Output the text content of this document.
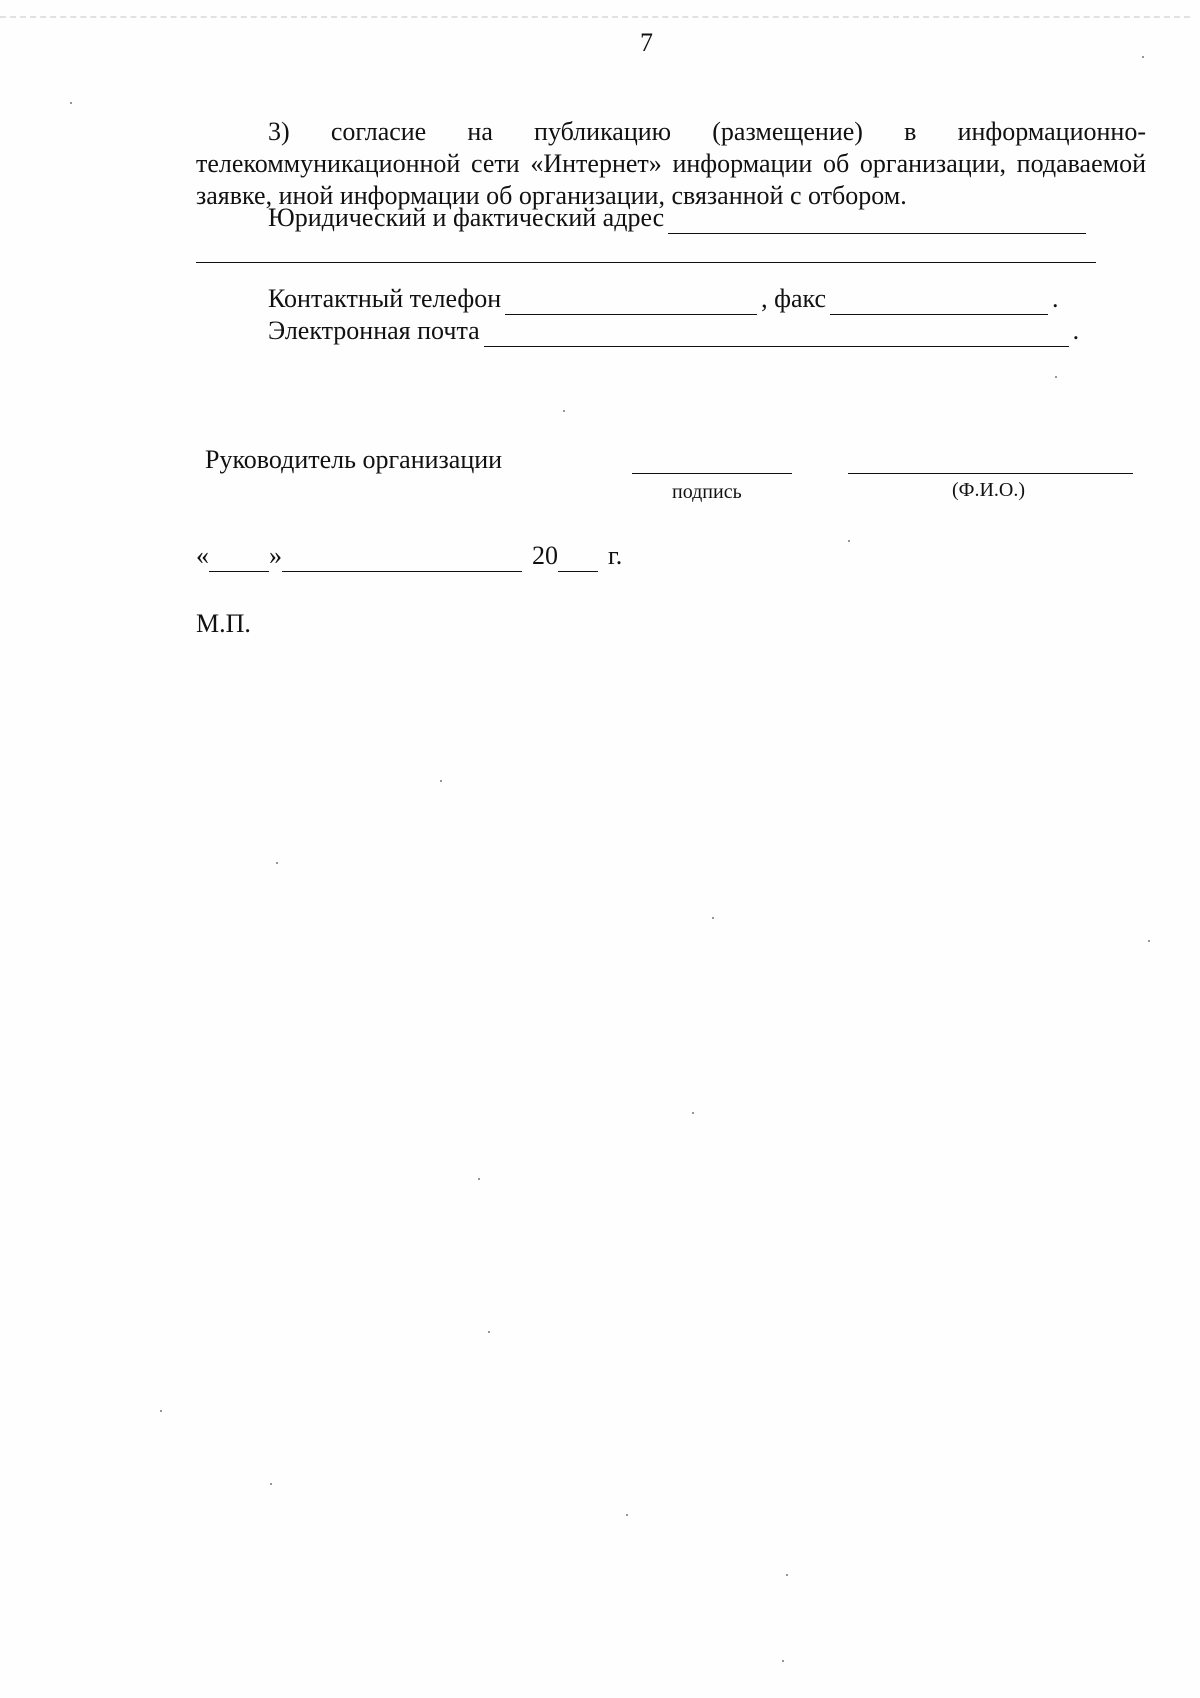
7

3) согласие на публикацию (размещение) в информационно-

телекоммуникационной сети «Интернет» информации об организации, подаваемой заявке, иной информации об организации, связанной с отбором.

Юридический и фактический адрес
Контактный телефон	, факс	.
Электронная почта	.
Руководитель организации
подпись	(Ф.И.О.)
« »	20 г.
М.П.
